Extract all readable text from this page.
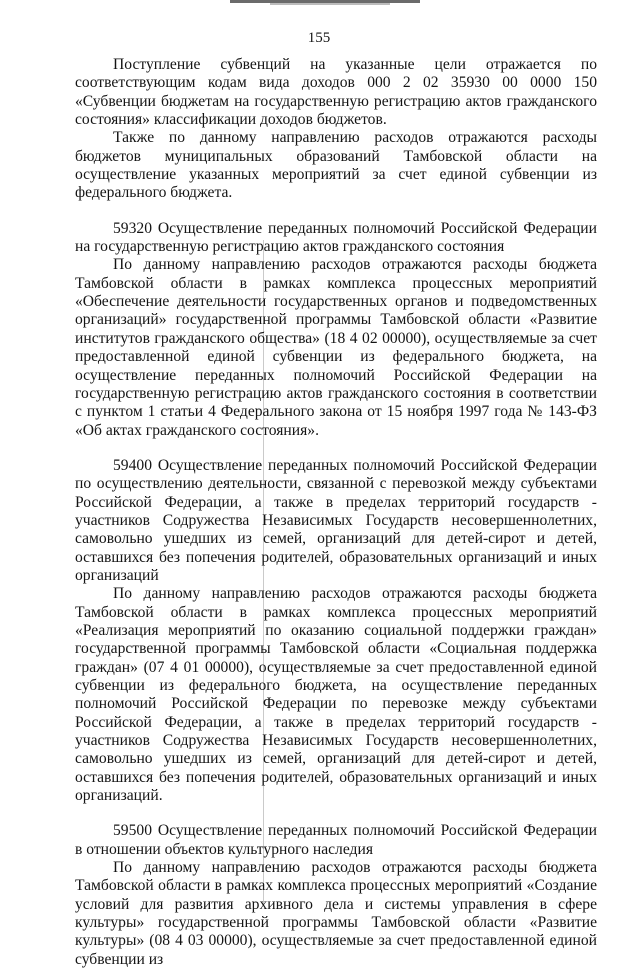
155

Поступление субвенций на указанные цели отражается по соответствующим кодам вида доходов 000 2 02 35930 00 0000 150 «Субвенции бюджетам на государственную регистрацию актов гражданского состояния» классификации доходов бюджетов.

Также по данному направлению расходов отражаются расходы бюджетов муниципальных образований Тамбовской области на осуществление указанных мероприятий за счет единой субвенции из федерального бюджета.

59320 Осуществление переданных полномочий Российской Федерации на государственную регистрацию актов гражданского состояния

По данному направлению расходов отражаются расходы бюджета Тамбовской области в рамках комплекса процессных мероприятий «Обеспечение деятельности государственных органов и подведомственных организаций» государственной программы Тамбовской области «Развитие институтов гражданского общества» (18 4 02 00000), осуществляемые за счет предоставленной единой субвенции из федерального бюджета, на осуществление переданных полномочий Российской Федерации на государственную регистрацию актов гражданского состояния в соответствии с пунктом 1 статьи 4 Федерального закона от 15 ноября 1997 года № 143-ФЗ «Об актах гражданского состояния».

59400 Осуществление переданных полномочий Российской Федерации по осуществлению деятельности, связанной с перевозкой между субъектами Российской Федерации, а также в пределах территорий государств - участников Содружества Независимых Государств несовершеннолетних, самовольно ушедших из семей, организаций для детей-сирот и детей, оставшихся без попечения родителей, образовательных организаций и иных организаций

По данному направлению расходов отражаются расходы бюджета Тамбовской области в рамках комплекса процессных мероприятий «Реализация мероприятий по оказанию социальной поддержки граждан» государственной программы Тамбовской области «Социальная поддержка граждан» (07 4 01 00000), осуществляемые за счет предоставленной единой субвенции из федерального бюджета, на осуществление переданных полномочий Российской Федерации по перевозке между субъектами Российской Федерации, а также в пределах территорий государств - участников Содружества Независимых Государств несовершеннолетних, самовольно ушедших из семей, организаций для детей-сирот и детей, оставшихся без попечения родителей, образовательных организаций и иных организаций.

59500 Осуществление переданных полномочий Российской Федерации в отношении объектов культурного наследия

По данному направлению расходов отражаются расходы бюджета Тамбовской области в рамках комплекса процессных мероприятий «Создание условий для развития архивного дела и системы управления в сфере культуры» государственной программы Тамбовской области «Развитие культуры» (08 4 03 00000), осуществляемые за счет предоставленной единой субвенции из
